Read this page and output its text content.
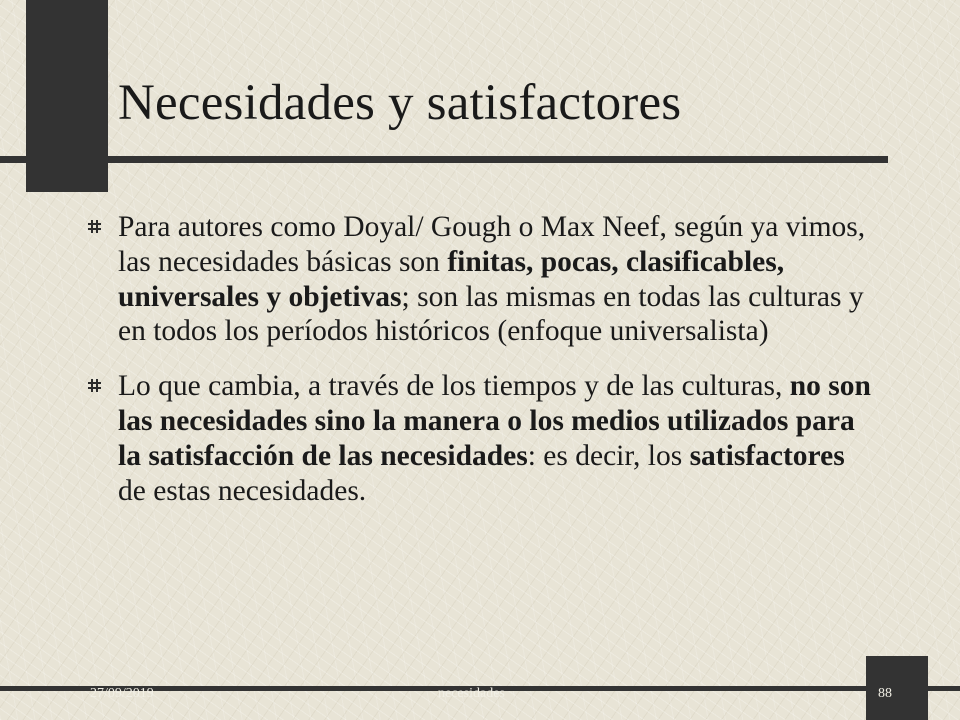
Necesidades y satisfactores
Para autores como Doyal/ Gough o Max Neef, según ya vimos, las necesidades básicas son finitas, pocas, clasificables, universales y objetivas; son las mismas en todas las culturas y en todos los períodos históricos (enfoque universalista)
Lo que cambia, a través de los tiempos y de las culturas, no son las necesidades sino la manera o los medios utilizados para la satisfacción de las necesidades: es decir, los satisfactores de estas necesidades.
27/09/2019	necesidades	88
